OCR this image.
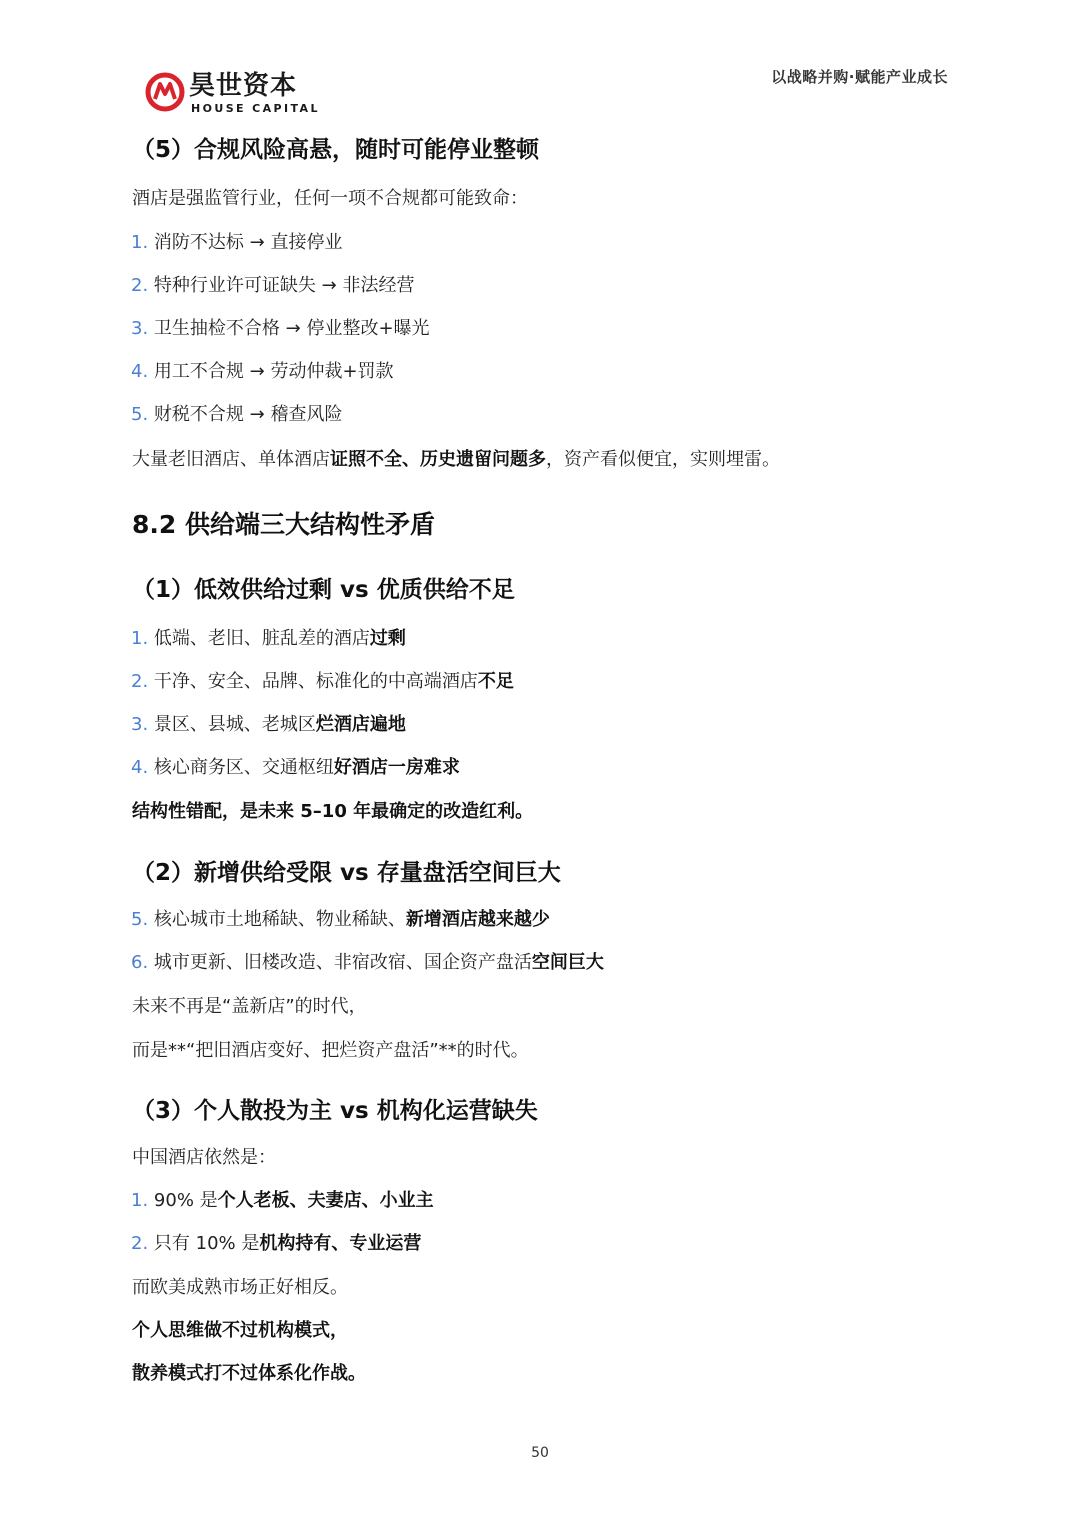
昊世资本
HOUSE CAPITAL
以战略并购·赋能产业成长
（5）合规风险高悬，随时可能停业整顿
酒店是强监管行业，任何一项不合规都可能致命：
1. 消防不达标 → 直接停业
2. 特种行业许可证缺失 → 非法经营
3. 卫生抽检不合格 → 停业整改+曝光
4. 用工不合规 → 劳动仲裁+罚款
5. 财税不合规 → 稽查风险
大量老旧酒店、单体酒店证照不全、历史遗留问题多，资产看似便宜，实则埋雷。
8.2 供给端三大结构性矛盾
（1）低效供给过剩 vs 优质供给不足
1. 低端、老旧、脏乱差的酒店过剩
2. 干净、安全、品牌、标准化的中高端酒店不足
3. 景区、县城、老城区烂酒店遍地
4. 核心商务区、交通枢纽好酒店一房难求
结构性错配，是未来 5–10 年最确定的改造红利。
（2）新增供给受限 vs 存量盘活空间巨大
5. 核心城市土地稀缺、物业稀缺、新增酒店越来越少
6. 城市更新、旧楼改造、非宿改宿、国企资产盘活空间巨大
未来不再是“盖新店”的时代，
而是**“把旧酒店变好、把烂资产盘活”**的时代。
（3）个人散投为主 vs 机构化运营缺失
中国酒店依然是：
1. 90% 是个人老板、夫妻店、小业主
2. 只有 10% 是机构持有、专业运营
而欧美成熟市场正好相反。
个人思维做不过机构模式，
散养模式打不过体系化作战。
50
